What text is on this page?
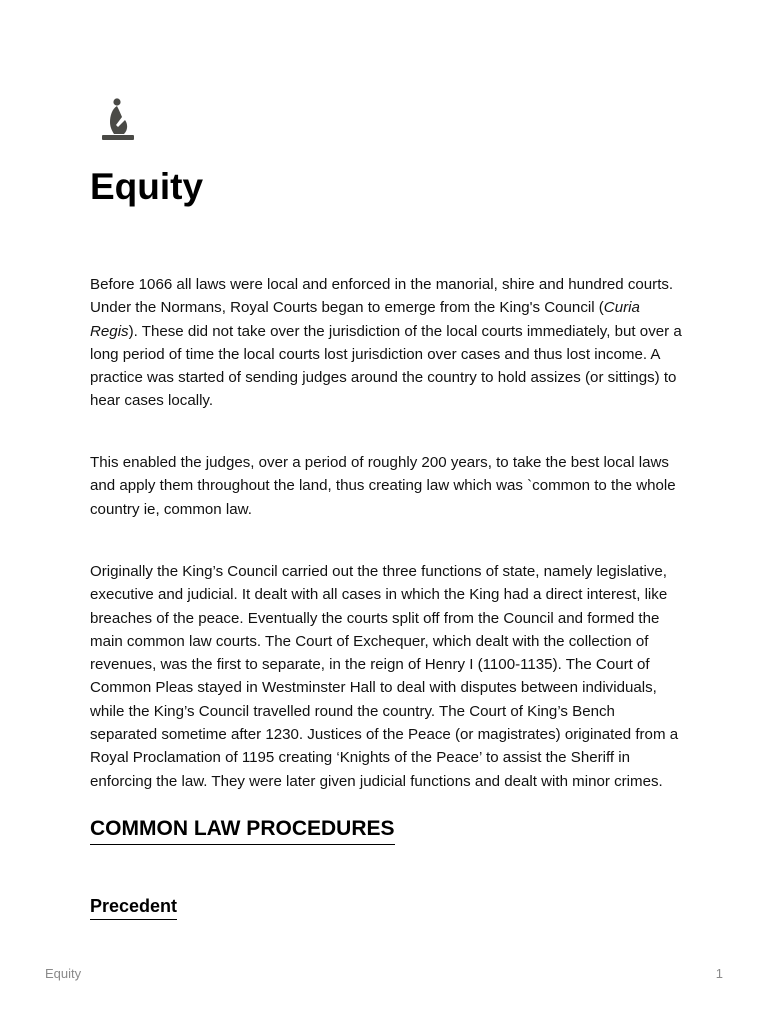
Equity

Before 1066 all laws were local and enforced in the manorial, shire and hundred courts. Under the Normans, Royal Courts began to emerge from the King's Council (Curia Regis). These did not take over the jurisdiction of the local courts immediately, but over a long period of time the local courts lost jurisdiction over cases and thus lost income. A practice was started of sending judges around the country to hold assizes (or sittings) to hear cases locally.

This enabled the judges, over a period of roughly 200 years, to take the best local laws and apply them throughout the land, thus creating law which was `common to the whole country ie, common law.

Originally the King’s Council carried out the three functions of state, namely legislative, executive and judicial. It dealt with all cases in which the King had a direct interest, like breaches of the peace. Eventually the courts split off from the Council and formed the main common law courts. The Court of Exchequer, which dealt with the collection of revenues, was the first to separate, in the reign of Henry I (1100-1135). The Court of Common Pleas stayed in Westminster Hall to deal with disputes between individuals, while the King’s Council travelled round the country. The Court of King’s Bench separated sometime after 1230. Justices of the Peace (or magistrates) originated from a Royal Proclamation of 1195 creating ‘Knights of the Peace’ to assist the Sheriff in enforcing the law. They were later given judicial functions and dealt with minor crimes.

COMMON LAW PROCEDURES
Precedent
Equity	1
